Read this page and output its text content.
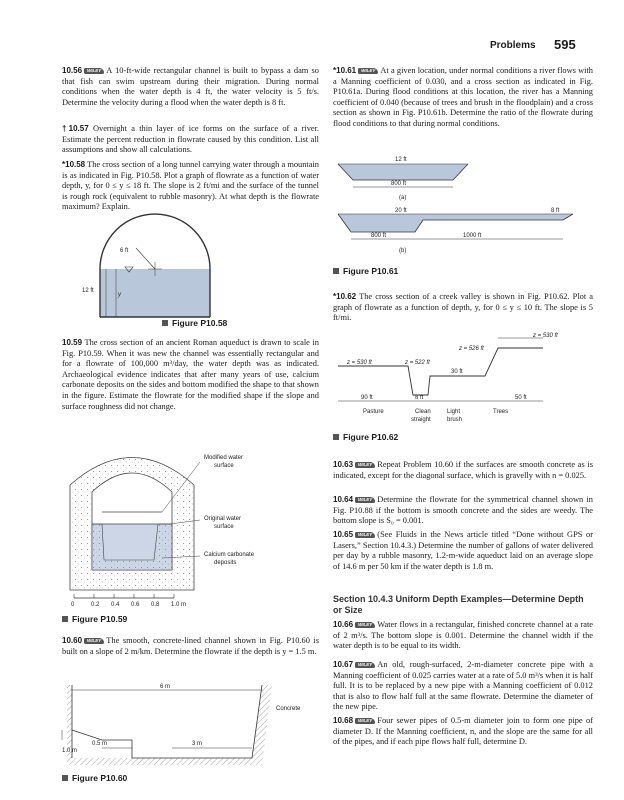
Problems 595

10.56 WILEY A 10-ft-wide rectangular channel is built to bypass a dam so that fish can swim upstream during their migration. During normal conditions when the water depth is 4 ft, the water velocity is 5 ft/s. Determine the velocity during a flood when the water depth is 8 ft.

†10.57 Overnight a thin layer of ice forms on the surface of a river. Estimate the percent reduction in flowrate caused by this condition. List all assumptions and show all calculations.

*10.58 The cross section of a long tunnel carrying water through a mountain is as indicated in Fig. P10.58. Plot a graph of flowrate as a function of water depth, y, for 0 ≤ y ≤ 18 ft. The slope is 2 ft/mi and the surface of the tunnel is rough rock (equivalent to rubble masonry). At what depth is the flowrate maximum? Explain.

6 ft
12 ft
y
Figure P10.58

10.59 The cross section of an ancient Roman aqueduct is drawn to scale in Fig. P10.59. When it was new the channel was essentially rectangular and for a flowrate of 100,000 m³/day, the water depth was as indicated. Archaeological evidence indicates that after many years of use, calcium carbonate deposits on the sides and bottom modified the shape to that shown in the figure. Estimate the flowrate for the modified shape if the slope and surface roughness did not change.

Modified water
surface
Original water
surface
Calcium carbonate
deposits
0	0.2 0.4 0.6 0.8 1.0 m
Figure P10.59

10.60 WILEY The smooth, concrete-lined channel shown in Fig. P10.60 is built on a slope of 2 m/km. Determine the flowrate if the depth is y = 1.5 m.

6 m
Concrete
1.0 m
0.5 m	3 m
Figure P10.60

*10.61 WILEY At a given location, under normal conditions a river flows with a Manning coefficient of 0.030, and a cross section as indicated in Fig. P10.61a. During flood conditions at this location, the river has a Manning coefficient of 0.040 (because of trees and brush in the floodplain) and a cross section as shown in Fig. P10.61b. Determine the ratio of the flowrate during flood conditions to that during normal conditions.

12 ft
800 ft
(a)
20 ft	8 ft
800 ft	1000 ft
(b)
Figure P10.61

*10.62 The cross section of a creek valley is shown in Fig. P10.62. Plot a graph of flowrate as a function of depth, y, for 0 ≤ y ≤ 10 ft. The slope is 5 ft/mi.

z = 530 ft
z = 526 ft
z = 530 ft	z = 522 ft
30 ft
90 ft	8 ft	50 ft
Pasture	Clean
straight
Light
brush
Trees
Figure P10.62

10.63 WILEY Repeat Problem 10.60 if the surfaces are smooth concrete as is indicated, except for the diagonal surface, which is gravelly with n = 0.025.

10.64 WILEY Determine the flowrate for the symmetrical channel shown in Fig. P10.88 if the bottom is smooth concrete and the sides are weedy. The bottom slope is S₀ = 0.001.

10.65 WILEY (See Fluids in the News article titled “Done without GPS or Lasers,” Section 10.4.3.) Determine the number of gallons of water delivered per day by a rubble masonry, 1.2-m-wide aqueduct laid on an average slope of 14.6 m per 50 km if the water depth is 1.8 m.

Section 10.4.3 Uniform Depth Examples—Determine Depth or Size

10.66 WILEY Water flows in a rectangular, finished concrete channel at a rate of 2 m³/s. The bottom slope is 0.001. Determine the channel width if the water depth is to be equal to its width.

10.67 WILEY An old, rough-surfaced, 2-m-diameter concrete pipe with a Manning coefficient of 0.025 carries water at a rate of 5.0 m³/s when it is half full. It is to be replaced by a new pipe with a Manning coefficient of 0.012 that is also to flow half full at the same flowrate. Determine the diameter of the new pipe.

10.68 WILEY Four sewer pipes of 0.5-m diameter join to form one pipe of diameter D. If the Manning coefficient, n, and the slope are the same for all of the pipes, and if each pipe flows half full, determine D.
